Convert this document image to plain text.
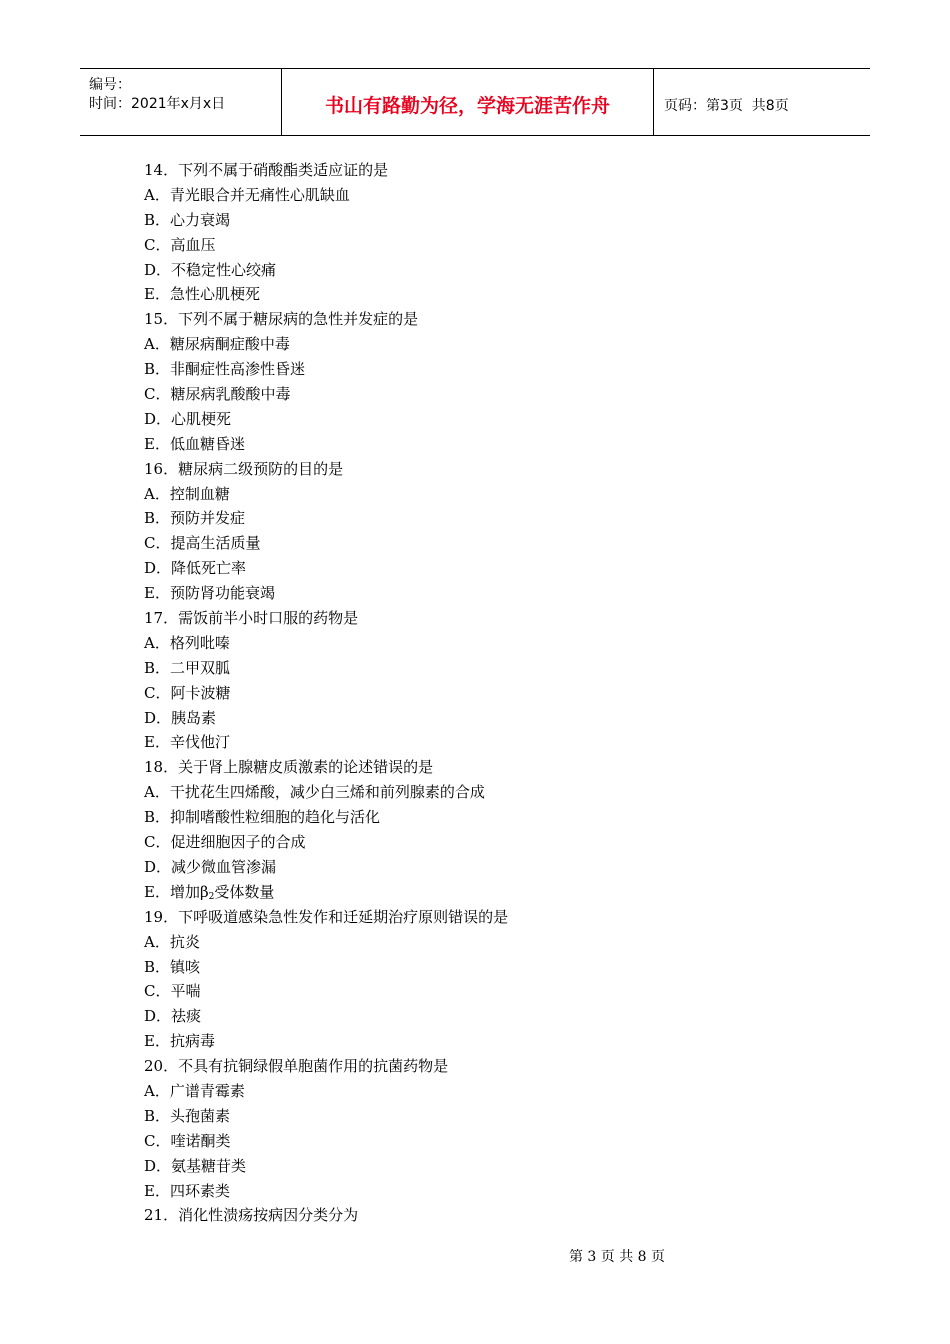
编号：
时间：2021年x月x日	书山有路勤为径，学海无涯苦作舟	页码：第3页  共8页
14．下列不属于硝酸酯类适应证的是
A．青光眼合并无痛性心肌缺血
B．心力衰竭
C．高血压
D．不稳定性心绞痛
E．急性心肌梗死
15．下列不属于糖尿病的急性并发症的是
A．糖尿病酮症酸中毒
B．非酮症性高渗性昏迷
C．糖尿病乳酸酸中毒
D．心肌梗死
E．低血糖昏迷
16．糖尿病二级预防的目的是
A．控制血糖
B．预防并发症
C．提高生活质量
D．降低死亡率
E．预防肾功能衰竭
17．需饭前半小时口服的药物是
A．格列吡嗪
B．二甲双胍
C．阿卡波糖
D．胰岛素
E．辛伐他汀
18．关于肾上腺糖皮质激素的论述错误的是
A．干扰花生四烯酸，减少白三烯和前列腺素的合成
B．抑制嗜酸性粒细胞的趋化与活化
C．促进细胞因子的合成
D．减少微血管渗漏
E．增加$\beta_2$受体数量
19．下呼吸道感染急性发作和迁延期治疗原则错误的是
A．抗炎
B．镇咳
C．平喘
D．祛痰
E．抗病毒
20．不具有抗铜绿假单胞菌作用的抗菌药物是
A．广谱青霉素
B．头孢菌素
C．喹诺酮类
D．氨基糖苷类
E．四环素类
21．消化性溃疡按病因分类分为
第 3 页 共 8 页
